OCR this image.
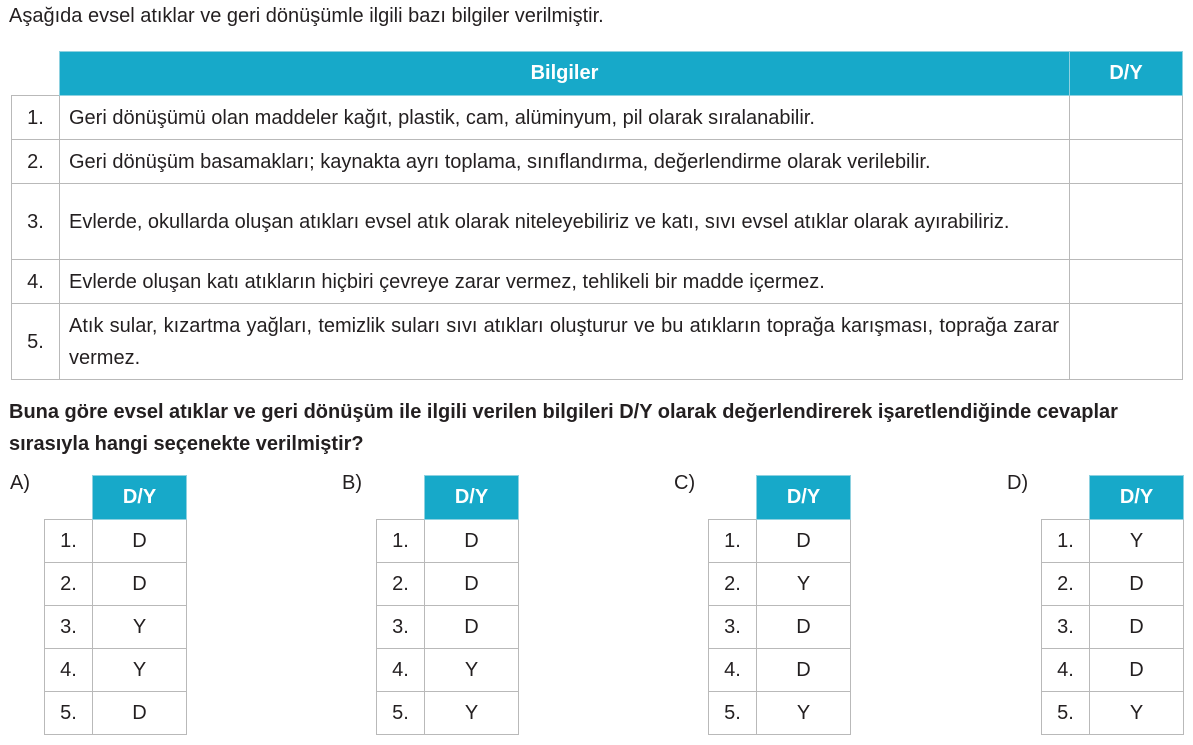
Aşağıda evsel atıklar ve geri dönüşümle ilgili bazı bilgiler verilmiştir.
	Bilgiler	D/Y
1.	Geri dönüşümü olan maddeler kağıt, plastik, cam, alüminyum, pil olarak sıralanabilir.	
2.	Geri dönüşüm basamakları; kaynakta ayrı toplama, sınıflandırma, değerlendirme olarak verilebilir.	
3.	Evlerde, okullarda oluşan atıkları evsel atık olarak niteleyebiliriz ve katı, sıvı evsel atıklar olarak ayırabiliriz.	
4.	Evlerde oluşan katı atıkların hiçbiri çevreye zarar vermez, tehlikeli bir madde içermez.	
5.	Atık sular, kızartma yağları, temizlik suları sıvı atıkları oluşturur ve bu atıkların toprağa karışması, toprağa zarar vermez.	
Buna göre evsel atıklar ve geri dönüşüm ile ilgili verilen bilgileri D/Y olarak değerlendirerek işaretlendiğinde cevaplar sırasıyla hangi seçenekte verilmiştir?
A)
	D/Y
1.	D
2.	D
3.	Y
4.	Y
5.	D
B)
	D/Y
1.	D
2.	D
3.	D
4.	Y
5.	Y
C)
	D/Y
1.	D
2.	Y
3.	D
4.	D
5.	Y
D)
	D/Y
1.	Y
2.	D
3.	D
4.	D
5.	Y
